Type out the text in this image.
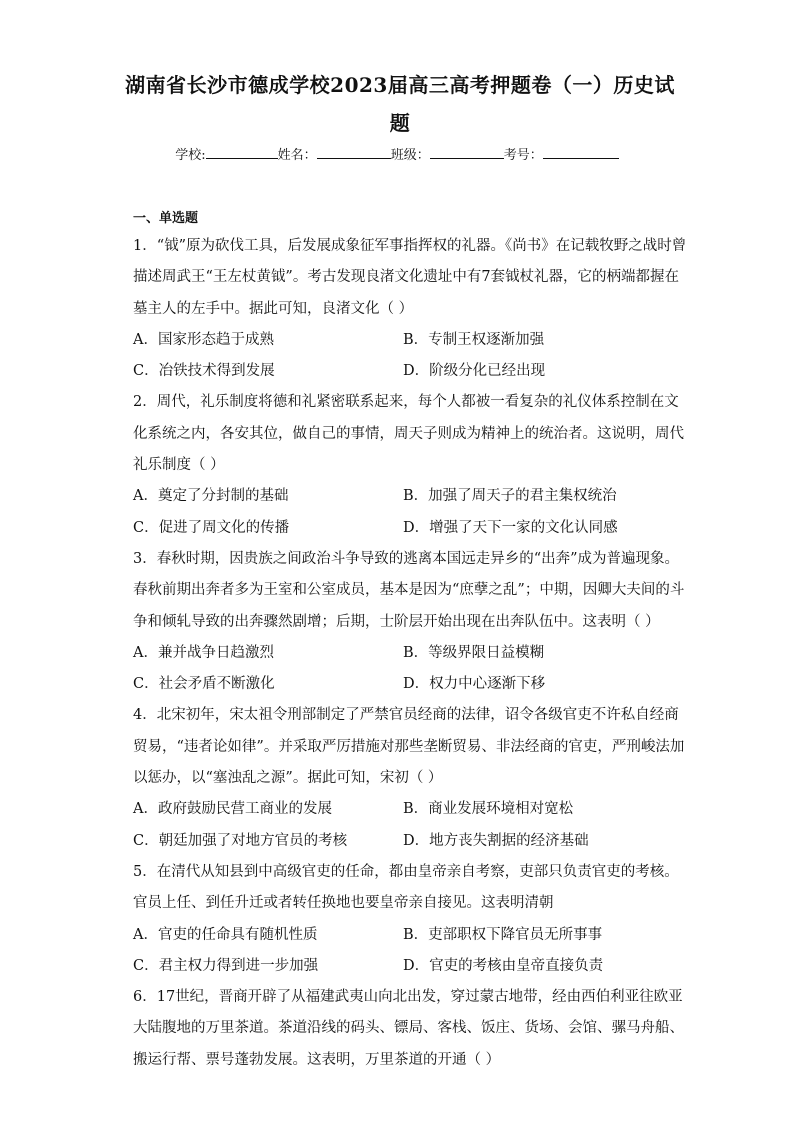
湖南省长沙市德成学校2023届高三高考押题卷（一）历史试
题
学校:	姓名：	班级：	考号：
一、单选题
1．“钺”原为砍伐工具，后发展成象征军事指挥权的礼器。《尚书》在记载牧野之战时曾
描述周武王“王左杖黄钺”。考古发现良渚文化遗址中有7套钺杖礼器，它的柄端都握在
墓主人的左手中。据此可知，良渚文化（ ）
A．国家形态趋于成熟	B．专制王权逐渐加强
C．冶铁技术得到发展	D．阶级分化已经出现
2．周代，礼乐制度将德和礼紧密联系起来，每个人都被一看复杂的礼仪体系控制在文
化系统之内，各安其位，做自己的事情，周天子则成为精神上的统治者。这说明，周代
礼乐制度（ ）
A．奠定了分封制的基础	B．加强了周天子的君主集权统治
C．促进了周文化的传播	D．增强了天下一家的文化认同感
3．春秋时期，因贵族之间政治斗争导致的逃离本国远走异乡的“出奔”成为普遍现象。
春秋前期出奔者多为王室和公室成员，基本是因为“庶孽之乱”；中期，因卿大夫间的斗
争和倾轧导致的出奔骤然剧增；后期，士阶层开始出现在出奔队伍中。这表明（ ）
A．兼并战争日趋激烈	B．等级界限日益模糊
C．社会矛盾不断激化	D．权力中心逐渐下移
4．北宋初年，宋太祖令刑部制定了严禁官员经商的法律，诏令各级官吏不许私自经商
贸易，“违者论如律”。并采取严厉措施对那些垄断贸易、非法经商的官吏，严刑峻法加
以惩办，以“塞浊乱之源”。据此可知，宋初（ ）
A．政府鼓励民营工商业的发展	B．商业发展环境相对宽松
C．朝廷加强了对地方官员的考核	D．地方丧失割据的经济基础
5．在清代从知县到中高级官吏的任命，都由皇帝亲自考察，吏部只负责官吏的考核。
官员上任、到任升迁或者转任换地也要皇帝亲自接见。这表明清朝
A．官吏的任命具有随机性质	B．吏部职权下降官员无所事事
C．君主权力得到进一步加强	D．官吏的考核由皇帝直接负责
6．17世纪，晋商开辟了从福建武夷山向北出发，穿过蒙古地带，经由西伯利亚往欧亚
大陆腹地的万里茶道。茶道沿线的码头、镖局、客栈、饭庄、货场、会馆、骡马舟船、
搬运行帮、票号蓬勃发展。这表明，万里茶道的开通（ ）
